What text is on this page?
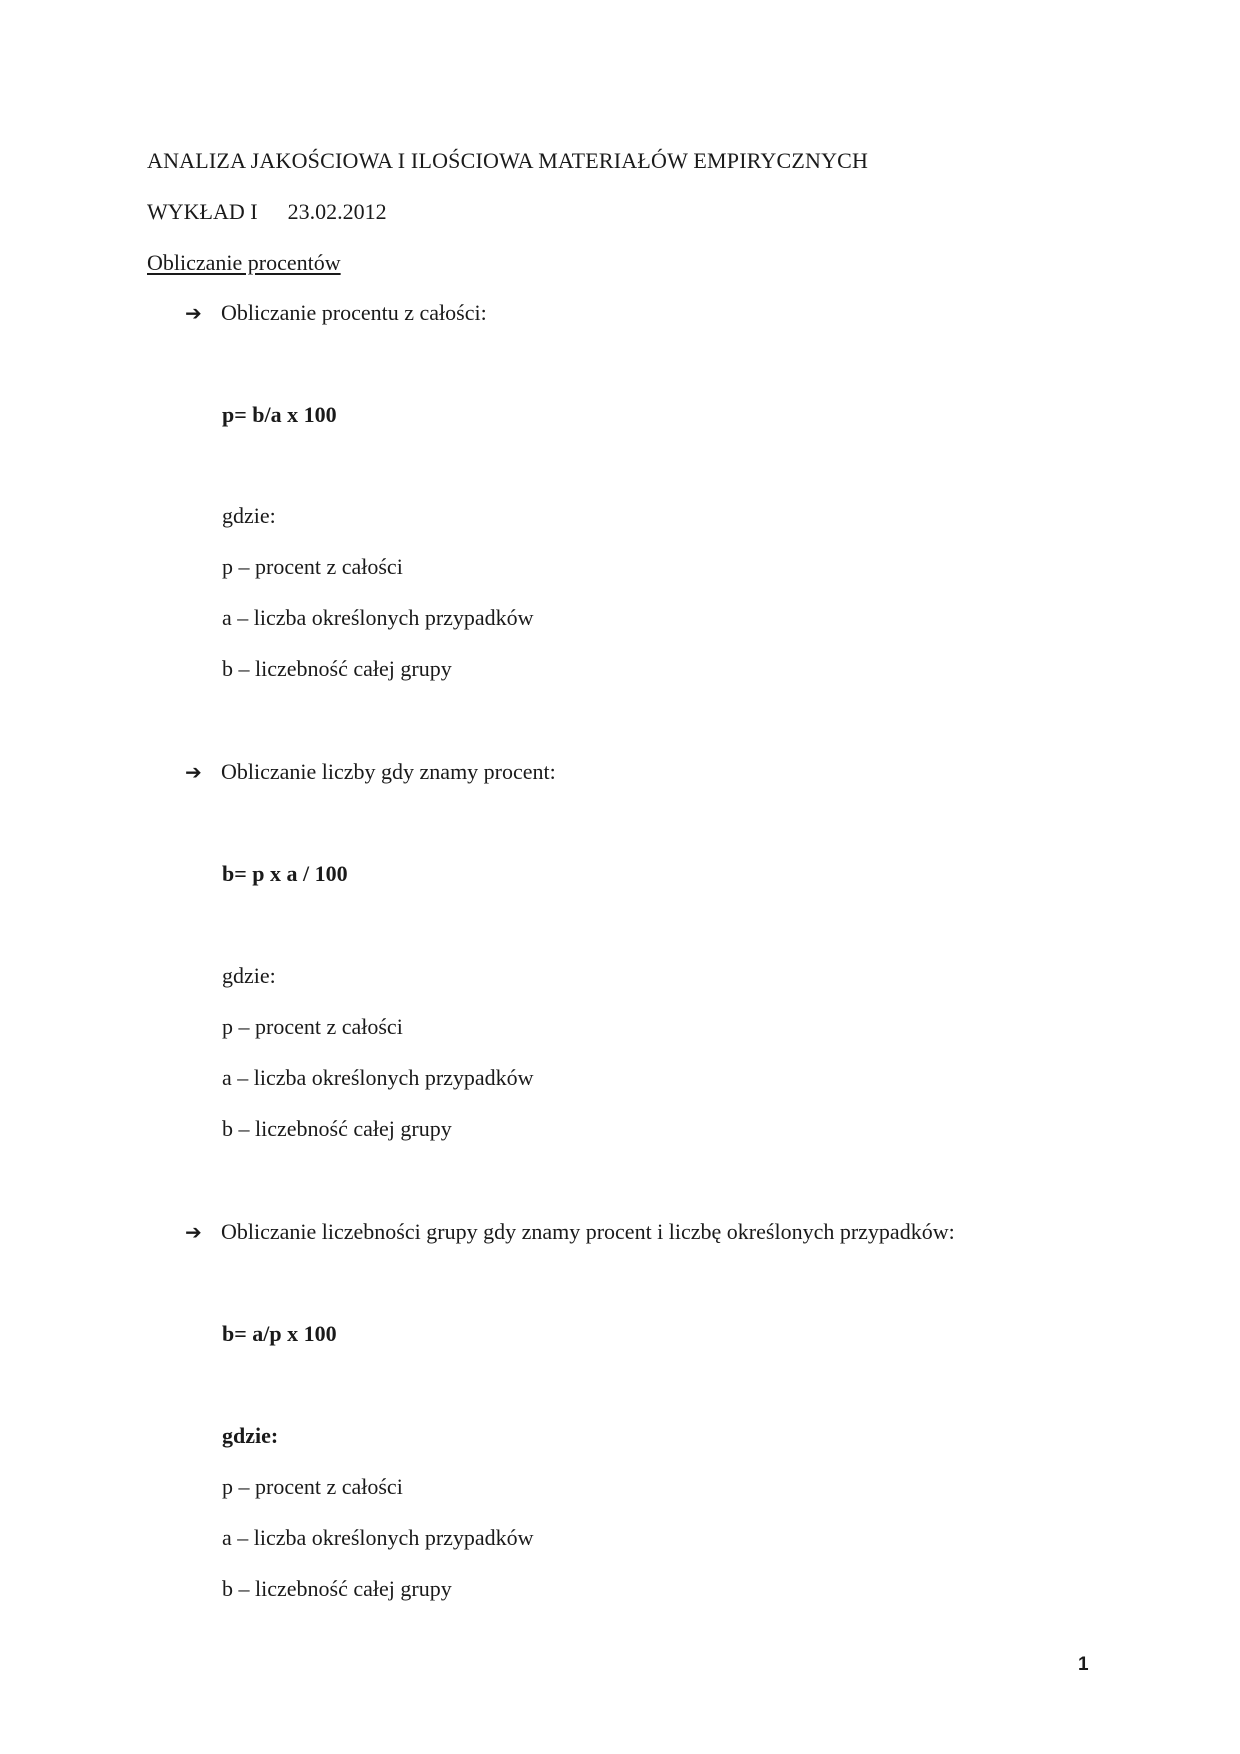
ANALIZA JAKOŚCIOWA I ILOŚCIOWA MATERIAŁÓW EMPIRYCZNYCH
WYKŁAD I 23.02.2012
Obliczanie procentów
➔ Obliczanie procentu z całości:
p= b/a x 100
gdzie:
p – procent z całości
a – liczba określonych przypadków
b – liczebność całej grupy
➔ Obliczanie liczby gdy znamy procent:
b= p x a / 100
gdzie:
p – procent z całości
a – liczba określonych przypadków
b – liczebność całej grupy
➔ Obliczanie liczebności grupy gdy znamy procent i liczbę określonych przypadków:
b= a/p x 100
gdzie:
p – procent z całości
a – liczba określonych przypadków
b – liczebność całej grupy
1
